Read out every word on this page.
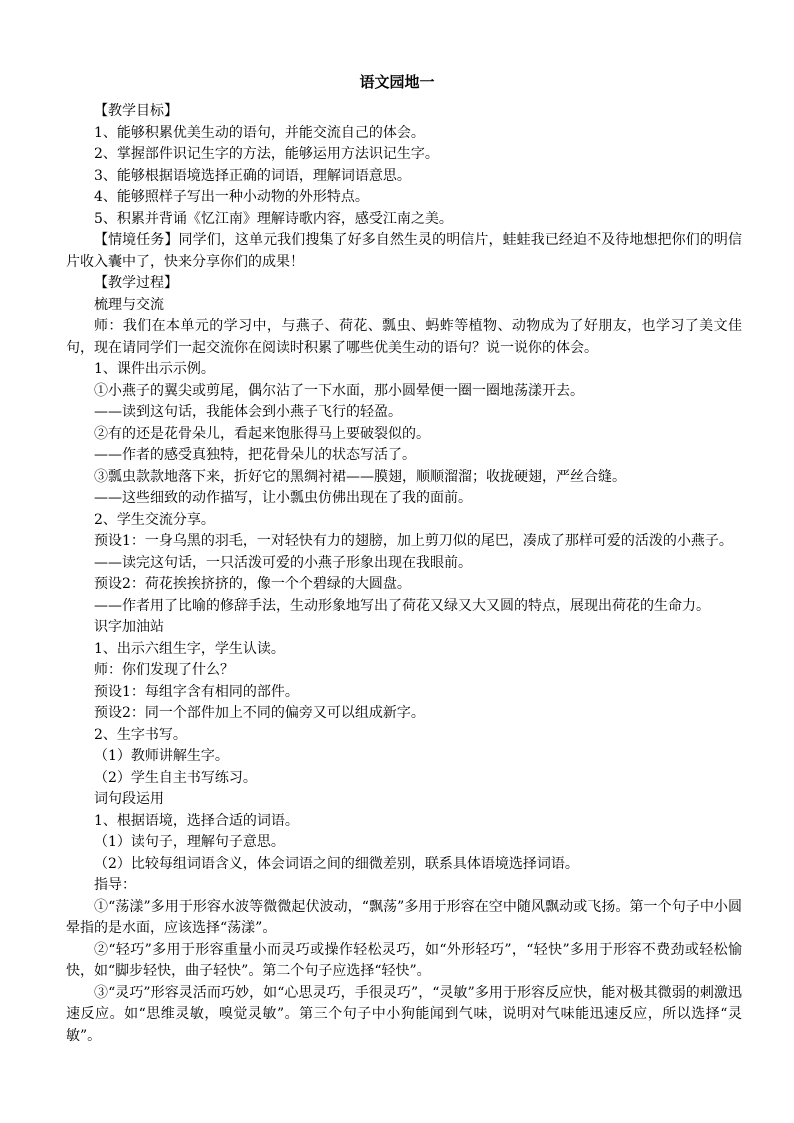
语文园地一

【教学目标】

1、能够积累优美生动的语句，并能交流自己的体会。

2、掌握部件识记生字的方法，能够运用方法识记生字。

3、能够根据语境选择正确的词语，理解词语意思。

4、能够照样子写出一种小动物的外形特点。

5、积累并背诵《忆江南》理解诗歌内容，感受江南之美。

【情境任务】同学们，这单元我们搜集了好多自然生灵的明信片，蛙蛙我已经迫不及待地想把你们的明信片收入囊中了，快来分享你们的成果！

【教学过程】

梳理与交流

师：我们在本单元的学习中，与燕子、荷花、瓢虫、蚂蚱等植物、动物成为了好朋友，也学习了美文佳句，现在请同学们一起交流你在阅读时积累了哪些优美生动的语句？说一说你的体会。

1、课件出示示例。

①小燕子的翼尖或剪尾，偶尔沾了一下水面，那小圆晕便一圈一圈地荡漾开去。

——读到这句话，我能体会到小燕子飞行的轻盈。

②有的还是花骨朵儿，看起来饱胀得马上要破裂似的。

——作者的感受真独特，把花骨朵儿的状态写活了。

③瓢虫款款地落下来，折好它的黑绸衬裙——膜翅，顺顺溜溜；收拢硬翅，严丝合缝。

——这些细致的动作描写，让小瓢虫仿佛出现在了我的面前。

2、学生交流分享。

预设1：一身乌黑的羽毛，一对轻快有力的翅膀，加上剪刀似的尾巴，凑成了那样可爱的活泼的小燕子。

——读完这句话，一只活泼可爱的小燕子形象出现在我眼前。

预设2：荷花挨挨挤挤的，像一个个碧绿的大圆盘。

——作者用了比喻的修辞手法，生动形象地写出了荷花又绿又大又圆的特点，展现出荷花的生命力。

识字加油站

1、出示六组生字，学生认读。

师：你们发现了什么？

预设1：每组字含有相同的部件。

预设2：同一个部件加上不同的偏旁又可以组成新字。

2、生字书写。

（1）教师讲解生字。

（2）学生自主书写练习。

词句段运用

1、根据语境，选择合适的词语。

（1）读句子，理解句子意思。

（2）比较每组词语含义，体会词语之间的细微差别，联系具体语境选择词语。

指导：

①“荡漾”多用于形容水波等微微起伏波动，“飘荡”多用于形容在空中随风飘动或飞扬。第一个句子中小圆晕指的是水面，应该选择“荡漾”。

②“轻巧”多用于形容重量小而灵巧或操作轻松灵巧，如“外形轻巧”，“轻快”多用于形容不费劲或轻松愉快，如“脚步轻快，曲子轻快”。第二个句子应选择“轻快”。

③“灵巧”形容灵活而巧妙，如“心思灵巧，手很灵巧”，“灵敏”多用于形容反应快，能对极其微弱的刺激迅速反应。如“思维灵敏，嗅觉灵敏”。第三个句子中小狗能闻到气味，说明对气味能迅速反应，所以选择“灵敏”。
